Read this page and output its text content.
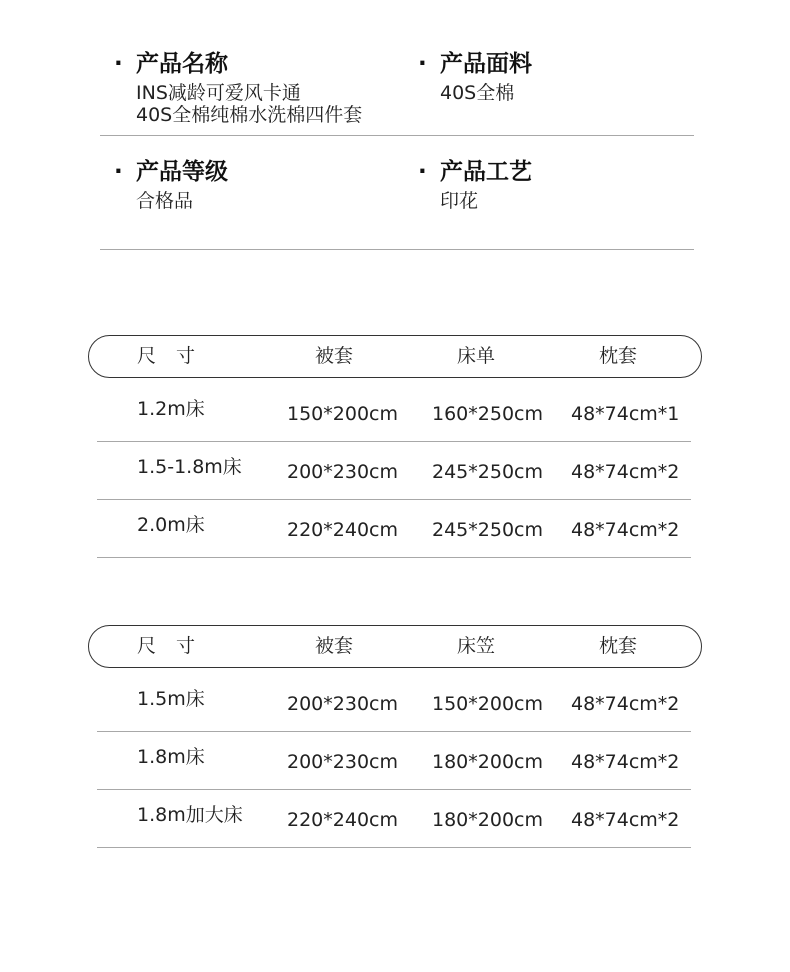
· 产品名称
INS减龄可爱风卡通
40S全棉纯棉水洗棉四件套
· 产品面料
40S全棉
· 产品等级
合格品
· 产品工艺
印花
尺寸	被套	床单	枕套
1.2m床	150*200cm 160*250cm 48*74cm*1
1.5-1.8m床 200*230cm 245*250cm 48*74cm*2
2.0m床	220*240cm 245*250cm 48*74cm*2
尺寸	被套	床笠	枕套
1.5m床	200*230cm 150*200cm 48*74cm*2
1.8m床	200*230cm 180*200cm 48*74cm*2
1.8m加大床 220*240cm 180*200cm 48*74cm*2
